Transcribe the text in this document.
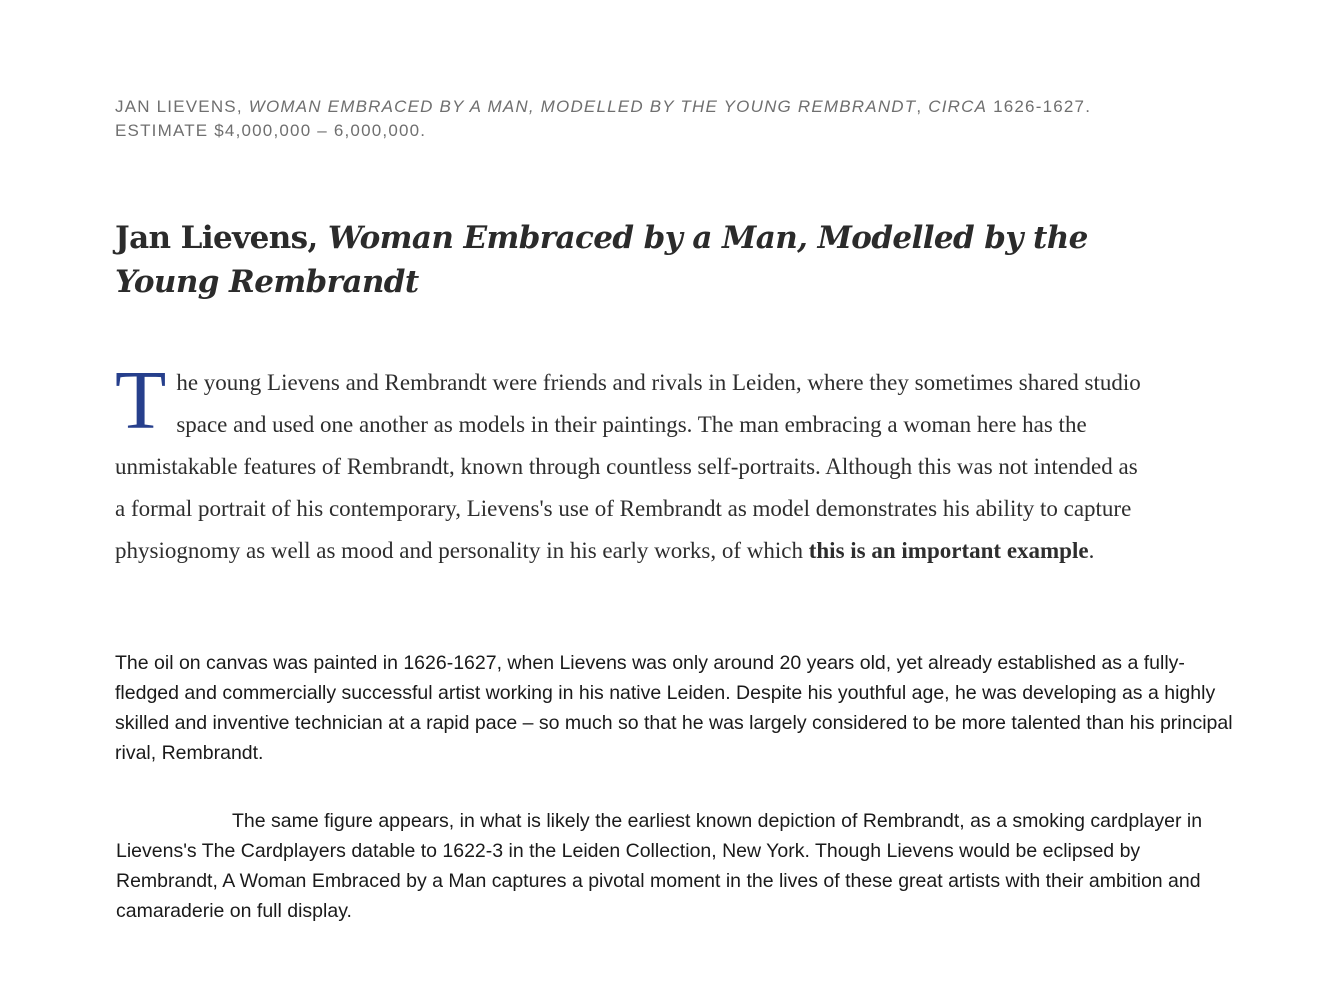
JAN LIEVENS, WOMAN EMBRACED BY A MAN, MODELLED BY THE YOUNG REMBRANDT, CIRCA 1626-1627.
ESTIMATE $4,000,000 – 6,000,000.
Jan Lievens, Woman Embraced by a Man, Modelled by the Young Rembrandt

The young Lievens and Rembrandt were friends and rivals in Leiden, where they sometimes shared studio space and used one another as models in their paintings. The man embracing a woman here has the unmistakable features of Rembrandt, known through countless self-portraits. Although this was not intended as a formal portrait of his contemporary, Lievens's use of Rembrandt as model demonstrates his ability to capture physiognomy as well as mood and personality in his early works, of which this is an important example.

The oil on canvas was painted in 1626-1627, when Lievens was only around 20 years old, yet already established as a fully-fledged and commercially successful artist working in his native Leiden. Despite his youthful age, he was developing as a highly skilled and inventive technician at a rapid pace – so much so that he was largely considered to be more talented than his principal rival, Rembrandt.

The same figure appears, in what is likely the earliest known depiction of Rembrandt, as a smoking cardplayer in Lievens's The Cardplayers datable to 1622-3 in the Leiden Collection, New York. Though Lievens would be eclipsed by Rembrandt, A Woman Embraced by a Man captures a pivotal moment in the lives of these great artists with their ambition and camaraderie on full display.
